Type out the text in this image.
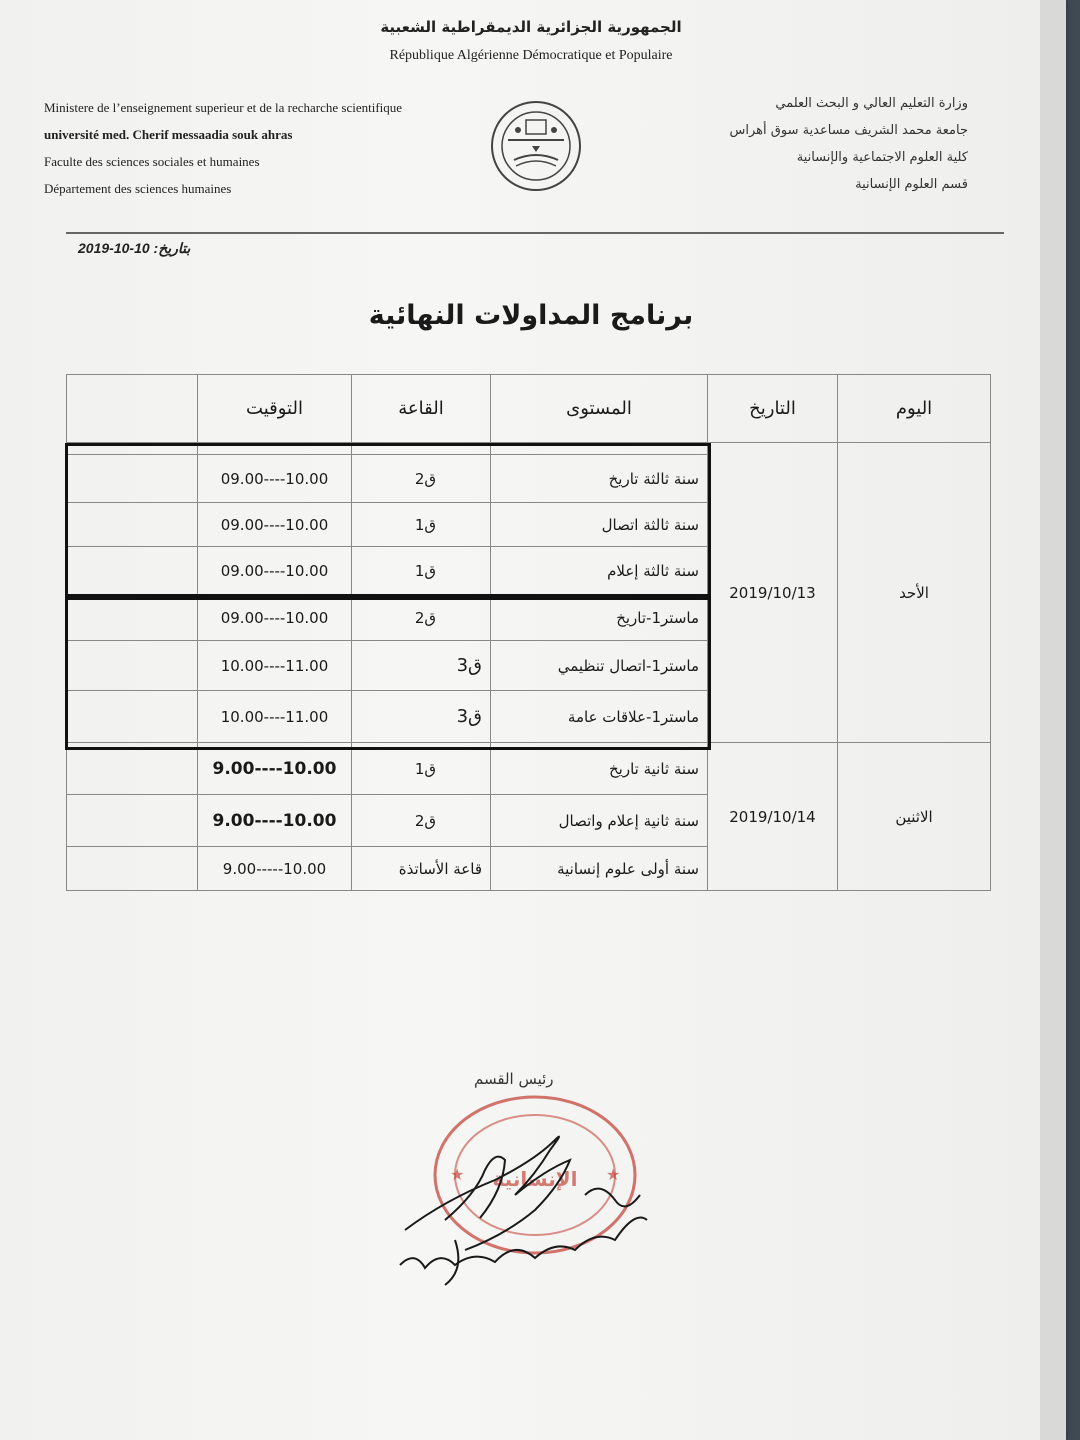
الجمهورية الجزائرية الديمقراطية الشعبية
République Algérienne Démocratique et Populaire
Ministere de l’enseignement superieur et de la recharche scientifique
université med. Cherif messaadia souk ahras
Faculte des sciences sociales et humaines
Département des sciences humaines
وزارة التعليم العالي و البحث العلمي
جامعة محمد الشريف مساعدية سوق أهراس
كلية العلوم الاجتماعية والإنسانية
قسم العلوم الإنسانية
بتاريخ: 10-10-2019
برنامج المداولات النهائية
	التوقيت	القاعة	المستوى	التاريخ	اليوم
				2019/10/13	الأحد
	09.00----10.00	ق2	سنة ثالثة تاريخ		
	09.00----10.00	ق1	سنة ثالثة اتصال		
	09.00----10.00	ق1	سنة ثالثة إعلام		
	09.00----10.00	ق2	ماستر1-تاريخ		
	10.00----11.00	ق3	ماستر1-اتصال تنظيمي		
	10.00----11.00	ق3	ماستر1-علاقات عامة		
	9.00----10.00	ق1	سنة ثانية تاريخ	2019/10/14	الاثنين
	9.00----10.00	ق2	سنة ثانية إعلام واتصال		
	9.00-----10.00	قاعة الأساتذة	سنة أولى علوم إنسانية		
رئيس القسم
الإنسانية
★	★
